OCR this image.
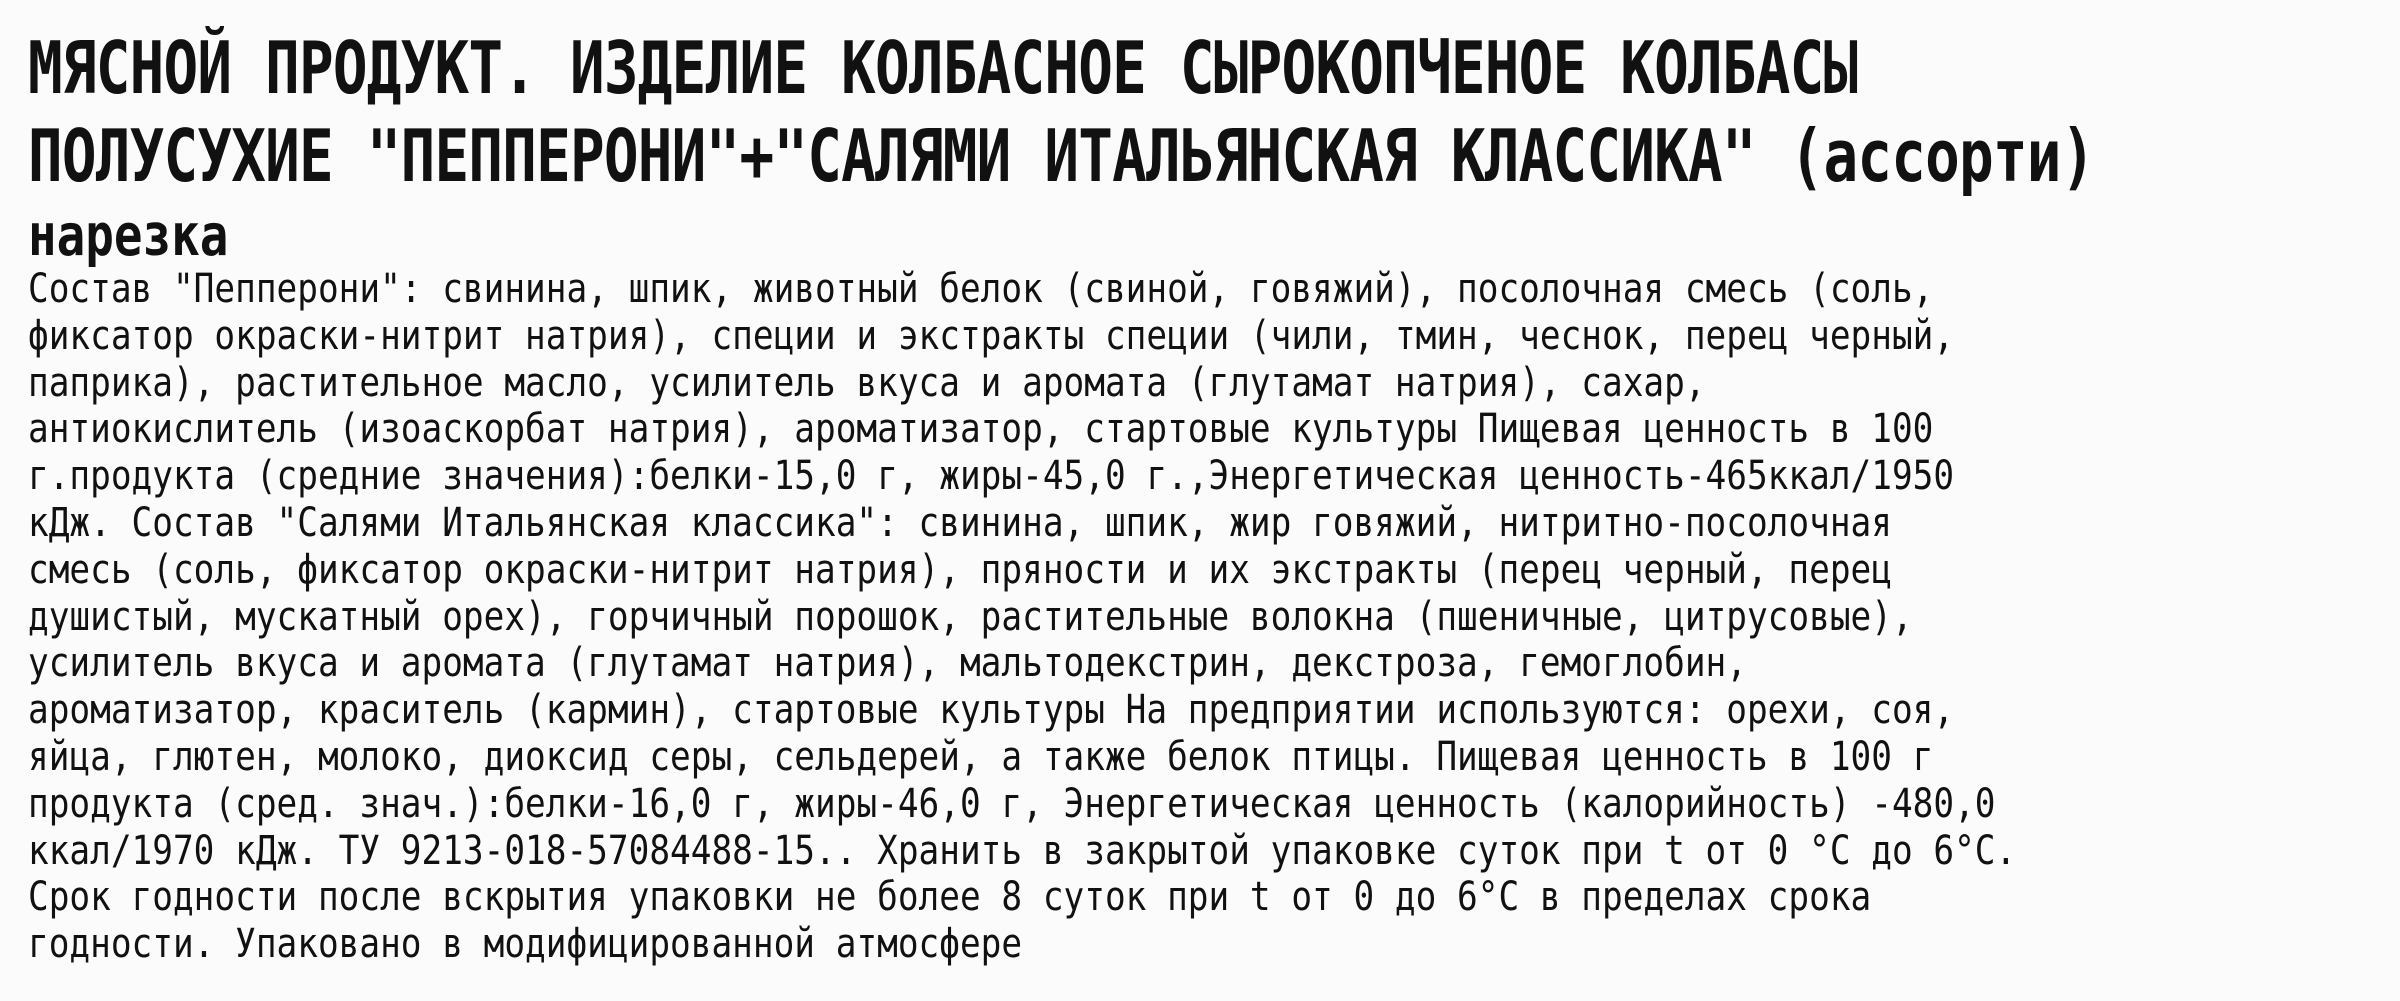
МЯСНОЙ ПРОДУКТ. ИЗДЕЛИЕ КОЛБАСНОЕ СЫРОКОПЧЕНОЕ КОЛБАСЫ
ПОЛУСУХИЕ "ПЕППЕРОНИ"+"САЛЯМИ ИТАЛЬЯНСКАЯ КЛАССИКА" (ассорти)
нарезка
Состав "Пепперони": свинина, шпик, животный белок (свиной, говяжий), посолочная смесь (соль,
фиксатор окраски-нитрит натрия), специи и экстракты специи (чили, тмин, чеснок, перец черный,
паприка), растительное масло, усилитель вкуса и аромата (глутамат натрия), сахар,
антиокислитель (изоаскорбат натрия), ароматизатор, стартовые культуры Пищевая ценность в 100
г.продукта (средние значения):белки-15,0 г, жиры-45,0 г.,Энергетическая ценность-465ккал/1950
кДж. Состав "Салями Итальянская классика": свинина, шпик, жир говяжий, нитритно-посолочная
смесь (соль, фиксатор окраски-нитрит натрия), пряности и их экстракты (перец черный, перец
душистый, мускатный орех), горчичный порошок, растительные волокна (пшеничные, цитрусовые),
усилитель вкуса и аромата (глутамат натрия), мальтодекстрин, декстроза, гемоглобин,
ароматизатор, краситель (кармин), стартовые культуры На предприятии используются: орехи, соя,
яйца, глютен, молоко, диоксид серы, сельдерей, а также белок птицы. Пищевая ценность в 100 г
продукта (сред. знач.):белки-16,0 г, жиры-46,0 г, Энергетическая ценность (калорийность) -480,0
ккал/1970 кДж. ТУ 9213-018-57084488-15.. Хранить в закрытой упаковке суток при t от 0 °С до 6°С.
Срок годности после вскрытия упаковки не более 8 суток при t от 0 до 6°С в пределах срока
годности. Упаковано в модифицированной атмосфере
